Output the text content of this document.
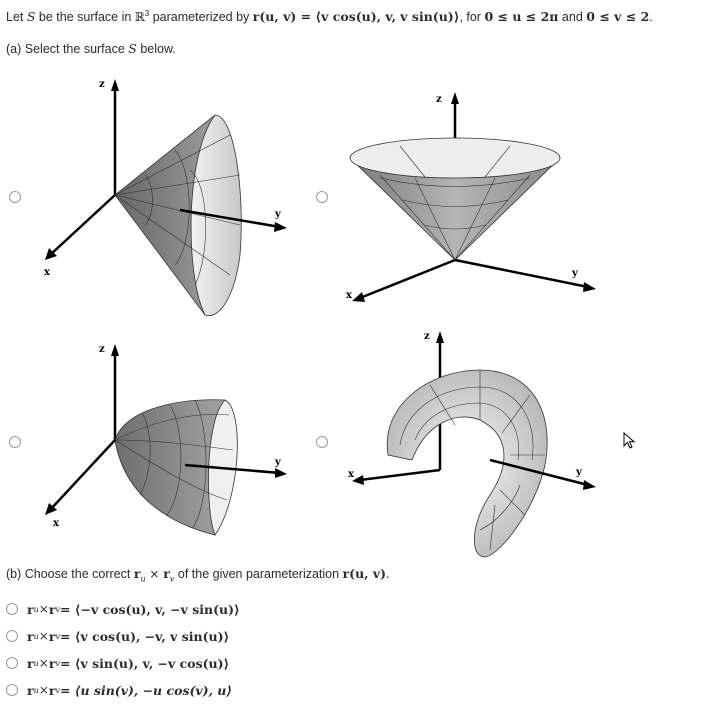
Let S be the surface in ℝ$^3$ parameterized by r(u, v) = ⟨v cos(u), v, v sin(u)⟩, for 0 ≤ u ≤ 2π and 0 ≤ v ≤ 2.
(a) Select the surface S below.
z
x
y
z
x
y
z
y
x
z
x	y
(b) Choose the correct $r_u \times r_v$ of the given parameterization r(u, v).
r u × r v = ⟨−v cos(u), v, −v sin(u)⟩
r u × r v = ⟨v cos(u), −v, v sin(u)⟩
r u × r v = ⟨v sin(u), v, −v cos(u)⟩
r u × r v = ⟨u sin(v), −u cos(v), u⟩
